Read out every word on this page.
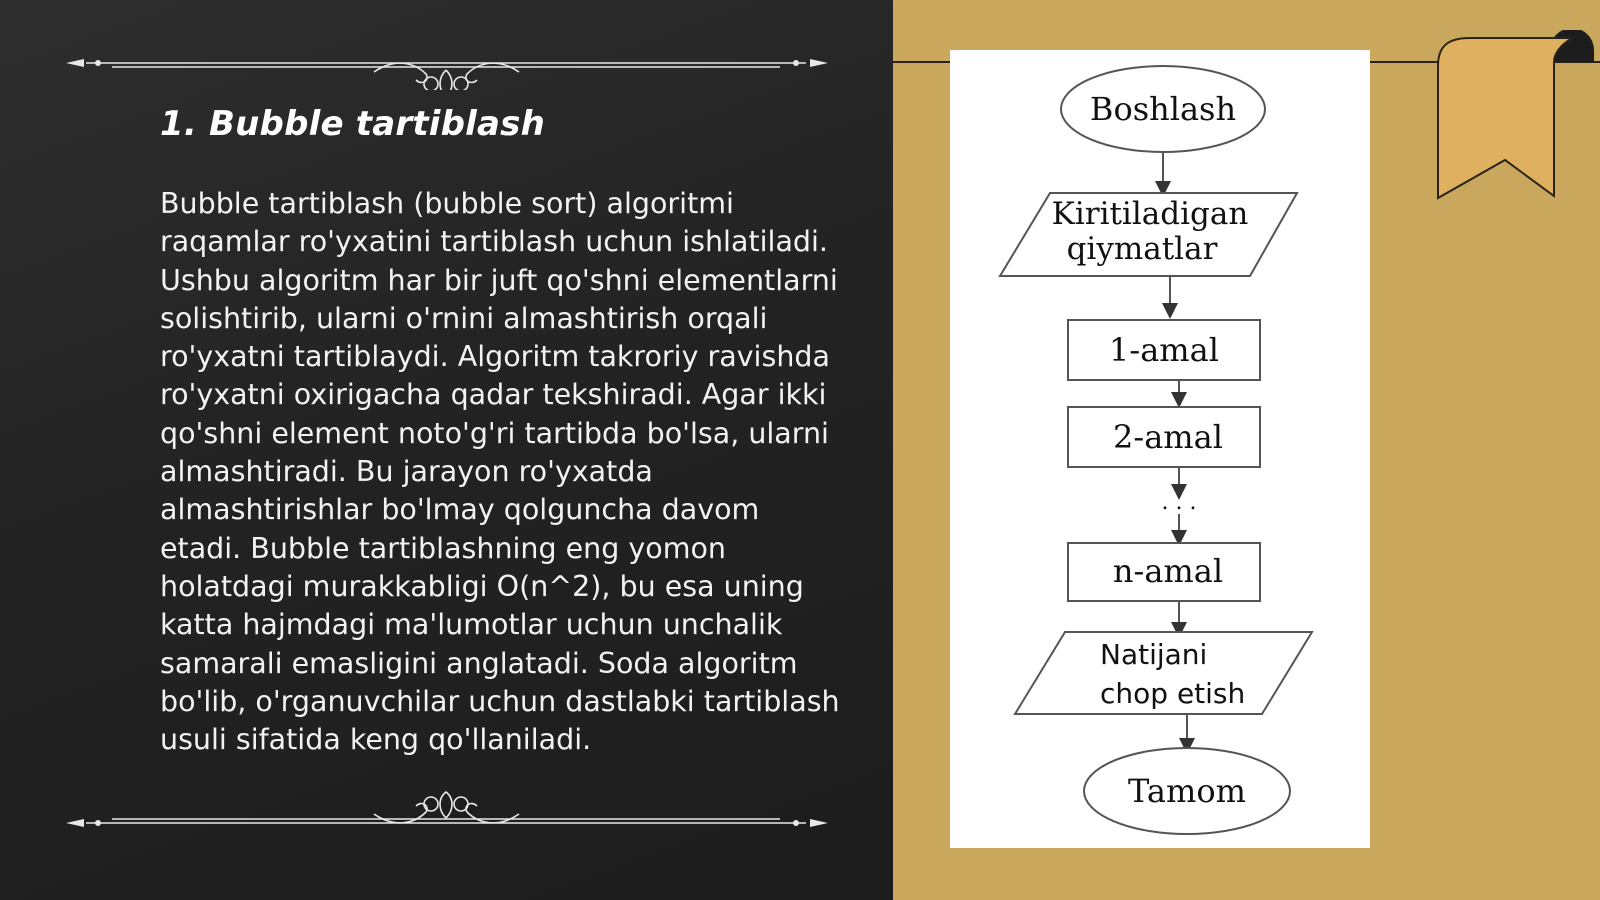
1. Bubble tartiblash

Bubble tartiblash (bubble sort) algoritmi raqamlar ro'yxatini tartiblash uchun ishlatiladi. Ushbu algoritm har bir juft qo'shni elementlarni solishtirib, ularni o'rnini almashtirish orqali ro'yxatni tartiblaydi. Algoritm takroriy ravishda ro'yxatni oxirigacha qadar tekshiradi. Agar ikki qo'shni element noto'g'ri tartibda bo'lsa, ularni almashtiradi. Bu jarayon ro'yxatda almashtirishlar bo'lmay qolguncha davom etadi. Bubble tartiblashning eng yomon holatdagi murakkabligi O(n^2), bu esa uning katta hajmdagi ma'lumotlar uchun unchalik samarali emasligini anglatadi. Soda algoritm bo'lib, o'rganuvchilar uchun dastlabki tartiblash usuli sifatida keng qo'llaniladi.

Boshlash
Kiritiladigan
qiymatlar
1-amal
2-amal
. . .
n-amal
Natijani
chop etish
Tamom
